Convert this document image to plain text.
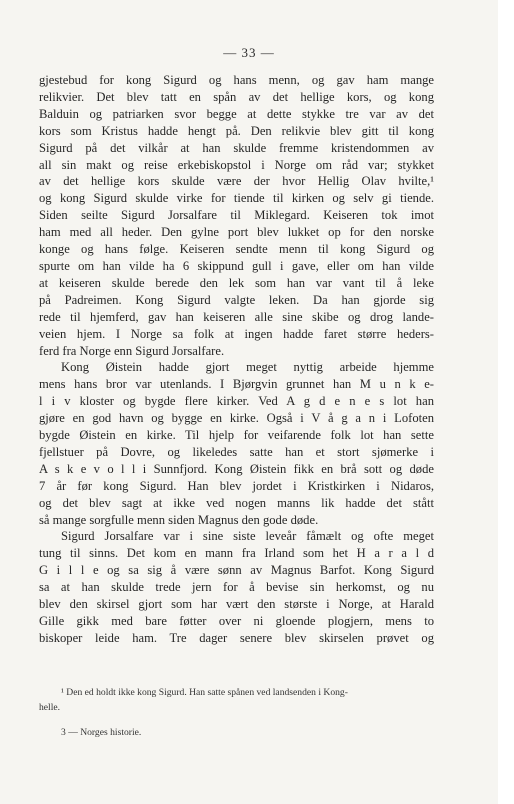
— 33 —
gjestebud for kong Sigurd og hans menn, og gav ham mange
relikvier. Det blev tatt en spån av det hellige kors, og kong
Balduin og patriarken svor begge at dette stykke tre var av det
kors som Kristus hadde hengt på. Den relikvie blev gitt til kong
Sigurd på det vilkår at han skulde fremme kristendommen av
all sin makt og reise erkebiskopstol i Norge om råd var; stykket
av det hellige kors skulde være der hvor Hellig Olav hvilte,¹
og kong Sigurd skulde virke for tiende til kirken og selv gi tiende.
Siden seilte Sigurd Jorsalfare til Miklegard. Keiseren tok imot
ham med all heder. Den gylne port blev lukket op for den norske
konge og hans følge. Keiseren sendte menn til kong Sigurd og
spurte om han vilde ha 6 skippund gull i gave, eller om han vilde
at keiseren skulde berede den lek som han var vant til å leke
på Padreimen. Kong Sigurd valgte leken. Da han gjorde sig
rede til hjemferd, gav han keiseren alle sine skibe og drog lande-
veien hjem. I Norge sa folk at ingen hadde faret større heders-
ferd fra Norge enn Sigurd Jorsalfare.
Kong Øistein hadde gjort meget nyttig arbeide hjemme
mens hans bror var utenlands. I Bjørgvin grunnet han M u n k e-
l i v kloster og bygde flere kirker. Ved A g d e n e s lot han
gjøre en god havn og bygge en kirke. Også i V å g a n i Lofoten
bygde Øistein en kirke. Til hjelp for veifarende folk lot han sette
fjellstuer på Dovre, og likeledes satte han et stort sjømerke i
A s k e v o l l i Sunnfjord. Kong Øistein fikk en brå sott og døde
7 år før kong Sigurd. Han blev jordet i Kristkirken i Nidaros,
og det blev sagt at ikke ved nogen manns lik hadde det stått
så mange sorgfulle menn siden Magnus den gode døde.
Sigurd Jorsalfare var i sine siste leveår fåmælt og ofte meget
tung til sinns. Det kom en mann fra Irland som het H a r a l d
G i l l e og sa sig å være sønn av Magnus Barfot. Kong Sigurd
sa at han skulde trede jern for å bevise sin herkomst, og nu
blev den skirsel gjort som har vært den største i Norge, at Harald
Gille gikk med bare føtter over ni gloende plogjern, mens to
biskoper leide ham. Tre dager senere blev skirselen prøvet og
¹ Den ed holdt ikke kong Sigurd. Han satte spånen ved landsenden i Kong-
helle.
3 — Norges historie.
